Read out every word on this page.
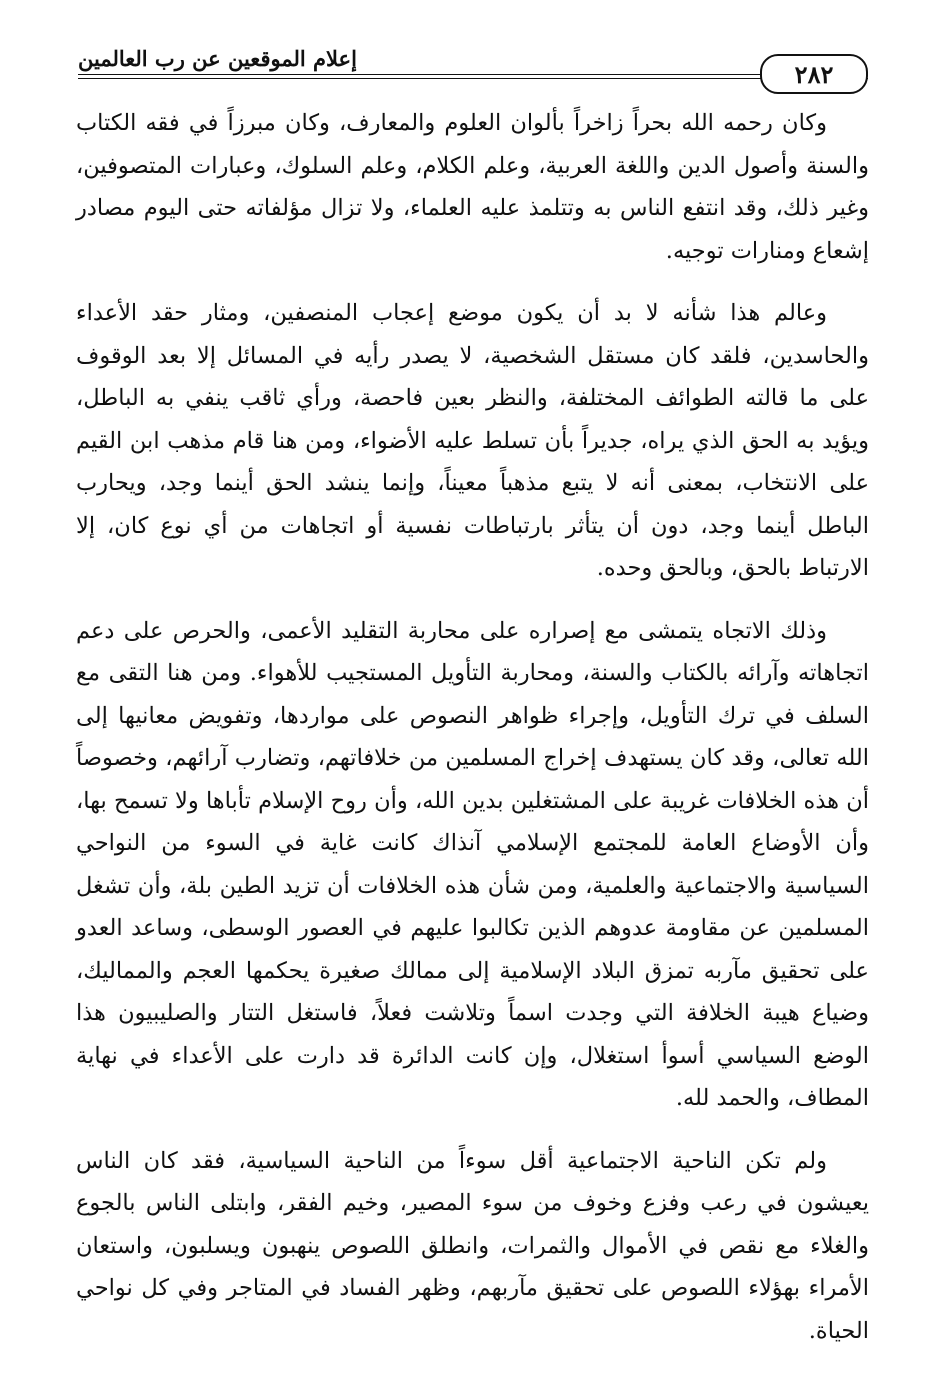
إعلام الموقعين عن رب العالمين
٢٨٢

وكان رحمه الله بحراً زاخراً بألوان العلوم والمعارف، وكان مبرزاً في فقه الكتاب والسنة وأصول الدين واللغة العربية، وعلم الكلام، وعلم السلوك، وعبارات المتصوفين، وغير ذلك، وقد انتفع الناس به وتتلمذ عليه العلماء، ولا تزال مؤلفاته حتى اليوم مصادر إشعاع ومنارات توجيه.

وعالم هذا شأنه لا بد أن يكون موضع إعجاب المنصفين، ومثار حقد الأعداء والحاسدين، فلقد كان مستقل الشخصية، لا يصدر رأيه في المسائل إلا بعد الوقوف على ما قالته الطوائف المختلفة، والنظر بعين فاحصة، ورأي ثاقب ينفي به الباطل، ويؤيد به الحق الذي يراه، جديراً بأن تسلط عليه الأضواء، ومن هنا قام مذهب ابن القيم على الانتخاب، بمعنى أنه لا يتبع مذهباً معيناً، وإنما ينشد الحق أينما وجد، ويحارب الباطل أينما وجد، دون أن يتأثر بارتباطات نفسية أو اتجاهات من أي نوع كان، إلا الارتباط بالحق، وبالحق وحده.

وذلك الاتجاه يتمشى مع إصراره على محاربة التقليد الأعمى، والحرص على دعم اتجاهاته وآرائه بالكتاب والسنة، ومحاربة التأويل المستجيب للأهواء. ومن هنا التقى مع السلف في ترك التأويل، وإجراء ظواهر النصوص على مواردها، وتفويض معانيها إلى الله تعالى، وقد كان يستهدف إخراج المسلمين من خلافاتهم، وتضارب آرائهم، وخصوصاً أن هذه الخلافات غريبة على المشتغلين بدين الله، وأن روح الإسلام تأباها ولا تسمح بها، وأن الأوضاع العامة للمجتمع الإسلامي آنذاك كانت غاية في السوء من النواحي السياسية والاجتماعية والعلمية، ومن شأن هذه الخلافات أن تزيد الطين بلة، وأن تشغل المسلمين عن مقاومة عدوهم الذين تكالبوا عليهم في العصور الوسطى، وساعد العدو على تحقيق مآربه تمزق البلاد الإسلامية إلى ممالك صغيرة يحكمها العجم والمماليك، وضياع هيبة الخلافة التي وجدت اسماً وتلاشت فعلاً، فاستغل التتار والصليبيون هذا الوضع السياسي أسوأ استغلال، وإن كانت الدائرة قد دارت على الأعداء في نهاية المطاف، والحمد لله.

ولم تكن الناحية الاجتماعية أقل سوءاً من الناحية السياسية، فقد كان الناس يعيشون في رعب وفزع وخوف من سوء المصير، وخيم الفقر، وابتلى الناس بالجوع والغلاء مع نقص في الأموال والثمرات، وانطلق اللصوص ينهبون ويسلبون، واستعان الأمراء بهؤلاء اللصوص على تحقيق مآربهم، وظهر الفساد في المتاجر وفي كل نواحي الحياة.
